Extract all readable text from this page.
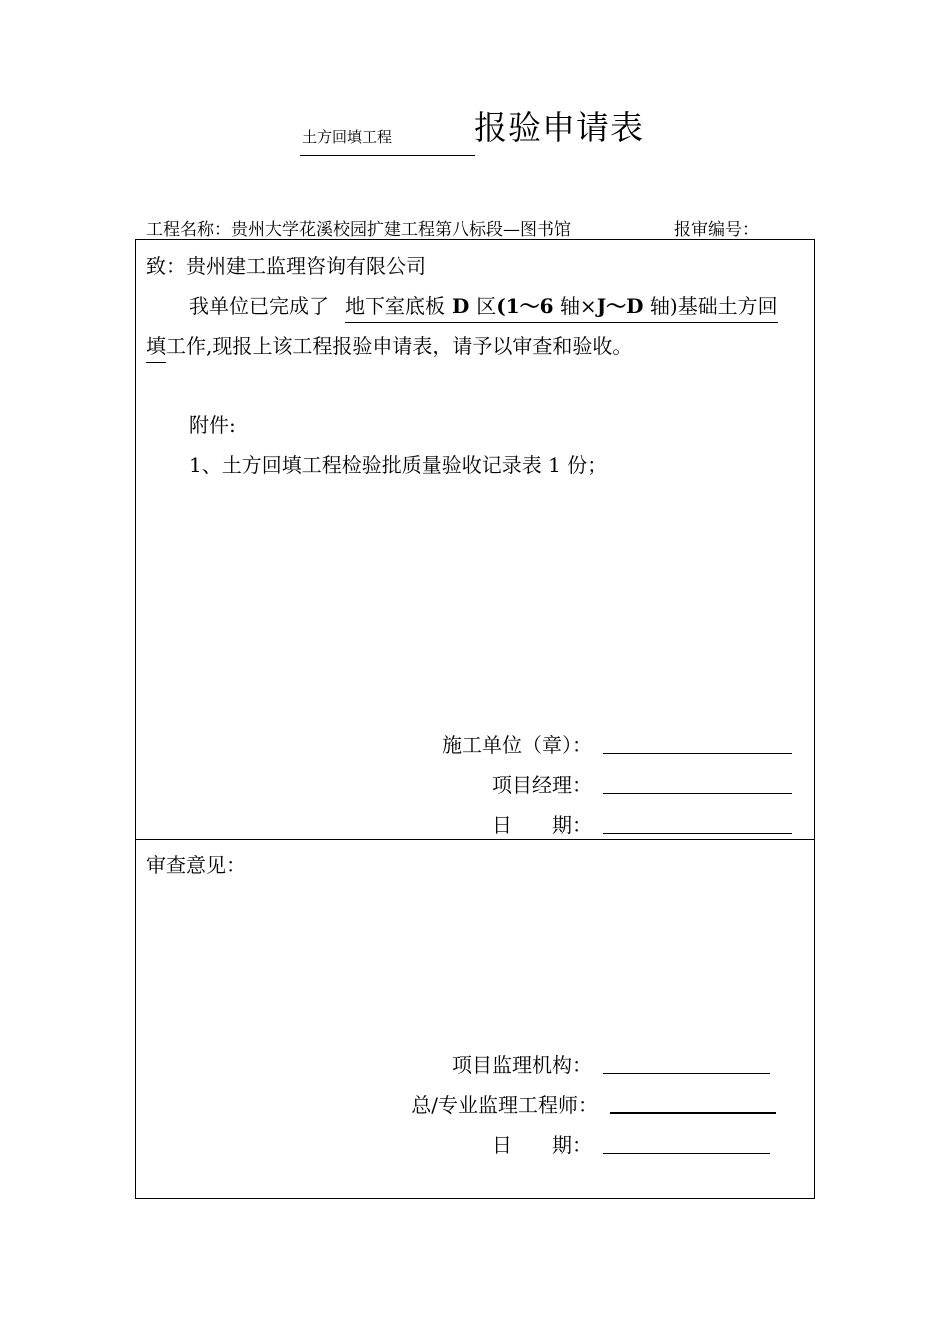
土方回填工程 报验申请表
工程名称：贵州大学花溪校园扩建工程第八标段—图书馆	报审编号：
致：贵州建工监理咨询有限公司
我单位已完成了 地下室底板 D 区(1～6 轴×J～D 轴)基础土方回
填 工作,现报上该工程报验申请表，请予以审查和验收。
附件:
1、土方回填工程检验批质量验收记录表 1 份；
施工单位（章）：
项目经理：
日　　期：
审查意见：
项目监理机构：
总/专业监理工程师：
日　　期：
